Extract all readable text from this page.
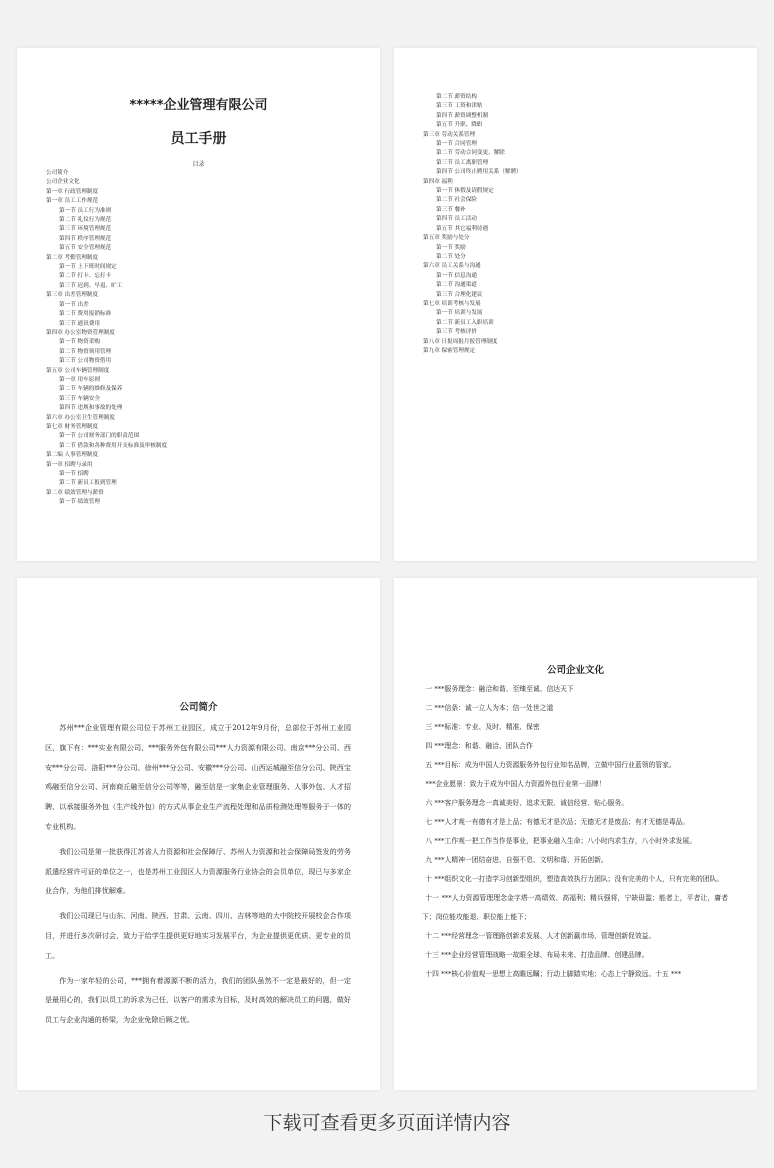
*****企业管理有限公司
员工手册
目录
公司简介
公司企业文化
第一章 行政管理制度
第一章 员工工作规范
第一节 员工行为准则
第二节 礼仪行为规范
第三节 环境管理规范
第四节 秩序管理规范
第五节 安全管理规范
第二章 考勤管理制度
第一节 上下班时间规定
第二节 打卡、忘打卡
第三节 迟到、早退、旷工
第三章 出差管理制度
第一节 出差
第二节 费用报销标准
第三节 通讯费用
第四章 办公室物资管理制度
第一节 物资采购
第二节 物资领用管理
第三节 公司物资借用
第五章 公司车辆管理制度
第一章 用车原则
第二节 车辆的维修及保养
第三节 车辆安全
第四节 违规和事故的处理
第六章 办公室卫生管理制度
第七章 财务管理制度
第一节 公司财务部门的职责范围
第二节 借款和各种费用开支标准及审核制度
第二编 人事管理制度
第一章 招聘与录用
第一节 招聘
第二节 新员工报到管理
第二章 绩效管理与薪资
第一节 绩效管理
第二节 薪资结构
第三节 工资和津贴
第四节 薪资调整机制
第五节 升职、降职
第三章 劳动关系管理
第一节 合同管理
第二节 劳动合同变更、解除
第三节 员工离职管理
第四节 公司终止聘用关系（解聘）
第四章 福利
第一节 休假及请假规定
第二节 社会保险
第三节 餐补
第四节 员工活动
第五节 其它福利待遇
第五章 奖励与处分
第一节 奖励
第二节 处分
第六章 员工关系与沟通
第一节 信息沟通
第二节 沟通渠道
第三节 合理化建议
第七章 培训考核与发展
第一节 培训与发展
第二节 新员工入职培训
第三节 考核评价
第八章 日报周报月报管理制度
第九章 保密管理规定
公司简介

苏州***企业管理有限公司位于苏州工业园区，成立于2012年9月份，总部位于苏州工业园区，旗下有：***实业有限公司、***服务外包有限公司***人力资源有限公司、南京***分公司、西安***分公司、洛阳***分公司、徐州***分公司、安徽***分公司、山西运城融至信分公司、陕西宝鸡融至信分公司、河南商丘融至信分公司等等，融至信是一家集企业管理服务、人事外包、人才招聘、以承接服务外包（生产线外包）的方式从事企业生产流程处理和品质检测处理等服务于一体的专业机构。

我们公司是第一批获得江苏省人力资源和社会保障厅、苏州人力资源和社会保障局签发的劳务派遣经营许可证的单位之一，也是苏州工业园区人力资源服务行业协会的会员单位，现已与多家企业合作，为他们排忧解难。

我们公司现已与山东、河南、陕西、甘肃、云南、四川、吉林等地的大中院校开展校企合作项目，并进行多次研讨会，致力于给学生提供更好地实习发展平台，为企业提供更优质、更专业的员工。

作为一家年轻的公司，***拥有着源源不断的活力，我们的团队虽然不一定是最好的，但一定是最用心的，我们以员工的诉求为己任，以客户的需求为目标，及时高效的解决员工的问题，做好员工与企业沟通的桥梁，为企业免除后顾之忧。

公司企业文化

一 ***服务理念：融洽和谐、至臻至诚、信达天下

二 ***信条：诚一立人为本；信一处世之道

三 ***标准：专业、及时、精准、保密

四 ***理念：和谐、融洽、团队合作

五 ***目标：成为中国人力资源服务外包行业知名品牌，立做中国行业蓝领的管家。

***企业愿景：致力于成为中国人力资源外包行业第一品牌！

六 ***客户服务理念一真诚美好、追求无限、诚信经营、贴心服务。

七 ***人才观一有德有才是上品；有德无才是次品；无德无才是废品；有才无德是毒品。

八 ***工作观一把工作当作是事业，把事业融入生命；八小时内求生存，八小时外求发展。

九 ***人精神一团结奋进、自强不息、文明和谐、开拓创新。

十 ***组织文化一打造学习创新型组织，塑造高效执行力团队；没有完美的个人，只有完美的团队。

十一 ***人力资源管理理念金字塔一高绩效、高福利；精兵强将，宁缺毋滥；能者上，平者让，庸者下；岗位能攻能退、职位能上能下；

十二 ***经营理念一管理路创新求发展、人才创新赢市场、管理创新促效益。

十三 ***企业经营管理战略一故眼全球、布局未来、打造品牌、创建品牌。

十四 ***核心价值观一思想上高瞻远瞩；行动上脚踏实地；心态上宁静致远。十五 ***

下载可查看更多页面详情内容
